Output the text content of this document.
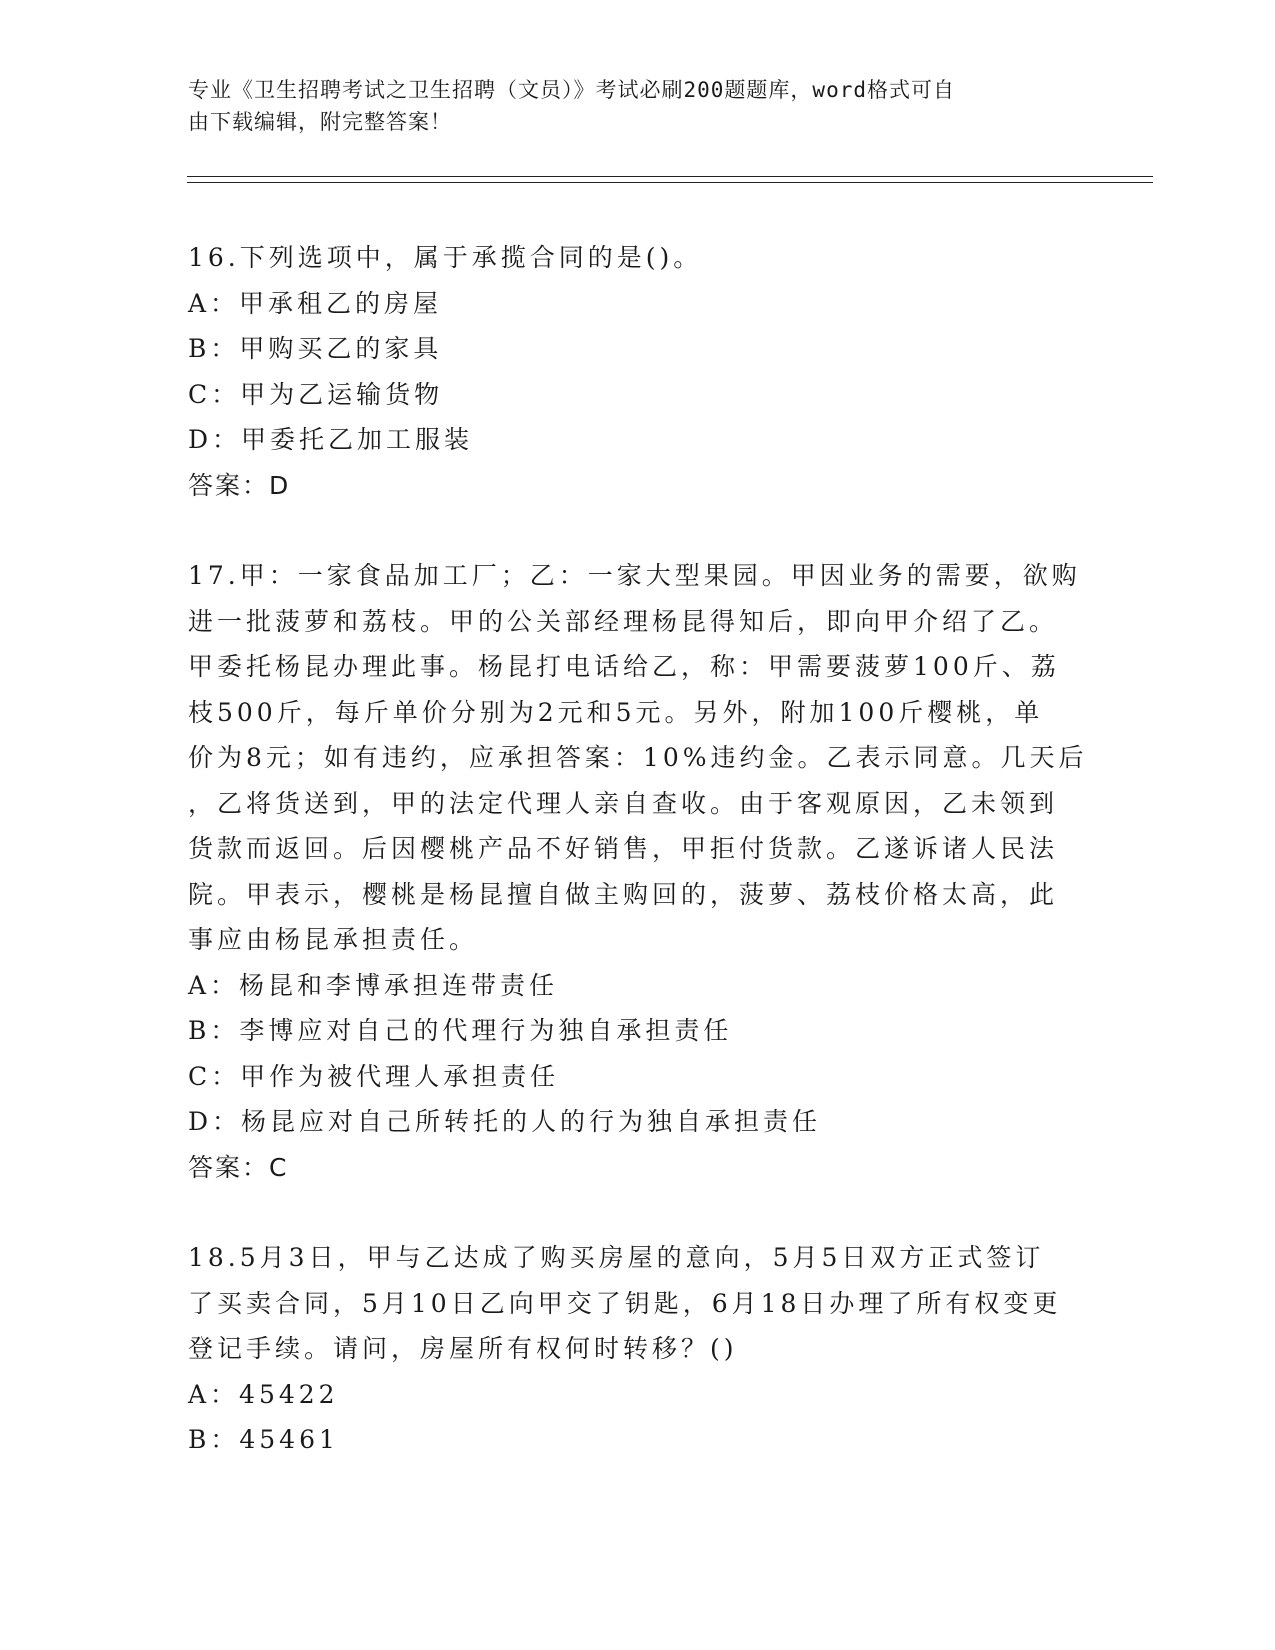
专业《卫生招聘考试之卫生招聘（文员）》考试必刷200题题库，word格式可自
由下载编辑，附完整答案！
16.下列选项中，属于承揽合同的是()。
A：甲承租乙的房屋
B：甲购买乙的家具
C：甲为乙运输货物
D：甲委托乙加工服装
答案：D
17.甲：一家食品加工厂；乙：一家大型果园。甲因业务的需要，欲购
进一批菠萝和荔枝。甲的公关部经理杨昆得知后，即向甲介绍了乙。
甲委托杨昆办理此事。杨昆打电话给乙，称：甲需要菠萝100斤、荔
枝500斤，每斤单价分别为2元和5元。另外，附加100斤樱桃，单
价为8元；如有违约，应承担答案：10%违约金。乙表示同意。几天后
，乙将货送到，甲的法定代理人亲自查收。由于客观原因，乙未领到
货款而返回。后因樱桃产品不好销售，甲拒付货款。乙遂诉诸人民法
院。甲表示，樱桃是杨昆擅自做主购回的，菠萝、荔枝价格太高，此
事应由杨昆承担责任。
A：杨昆和李博承担连带责任
B：李博应对自己的代理行为独自承担责任
C：甲作为被代理人承担责任
D：杨昆应对自己所转托的人的行为独自承担责任
答案：C
18.5月3日，甲与乙达成了购买房屋的意向，5月5日双方正式签订
了买卖合同，5月10日乙向甲交了钥匙，6月18日办理了所有权变更
登记手续。请问，房屋所有权何时转移？()
A：45422
B：45461
